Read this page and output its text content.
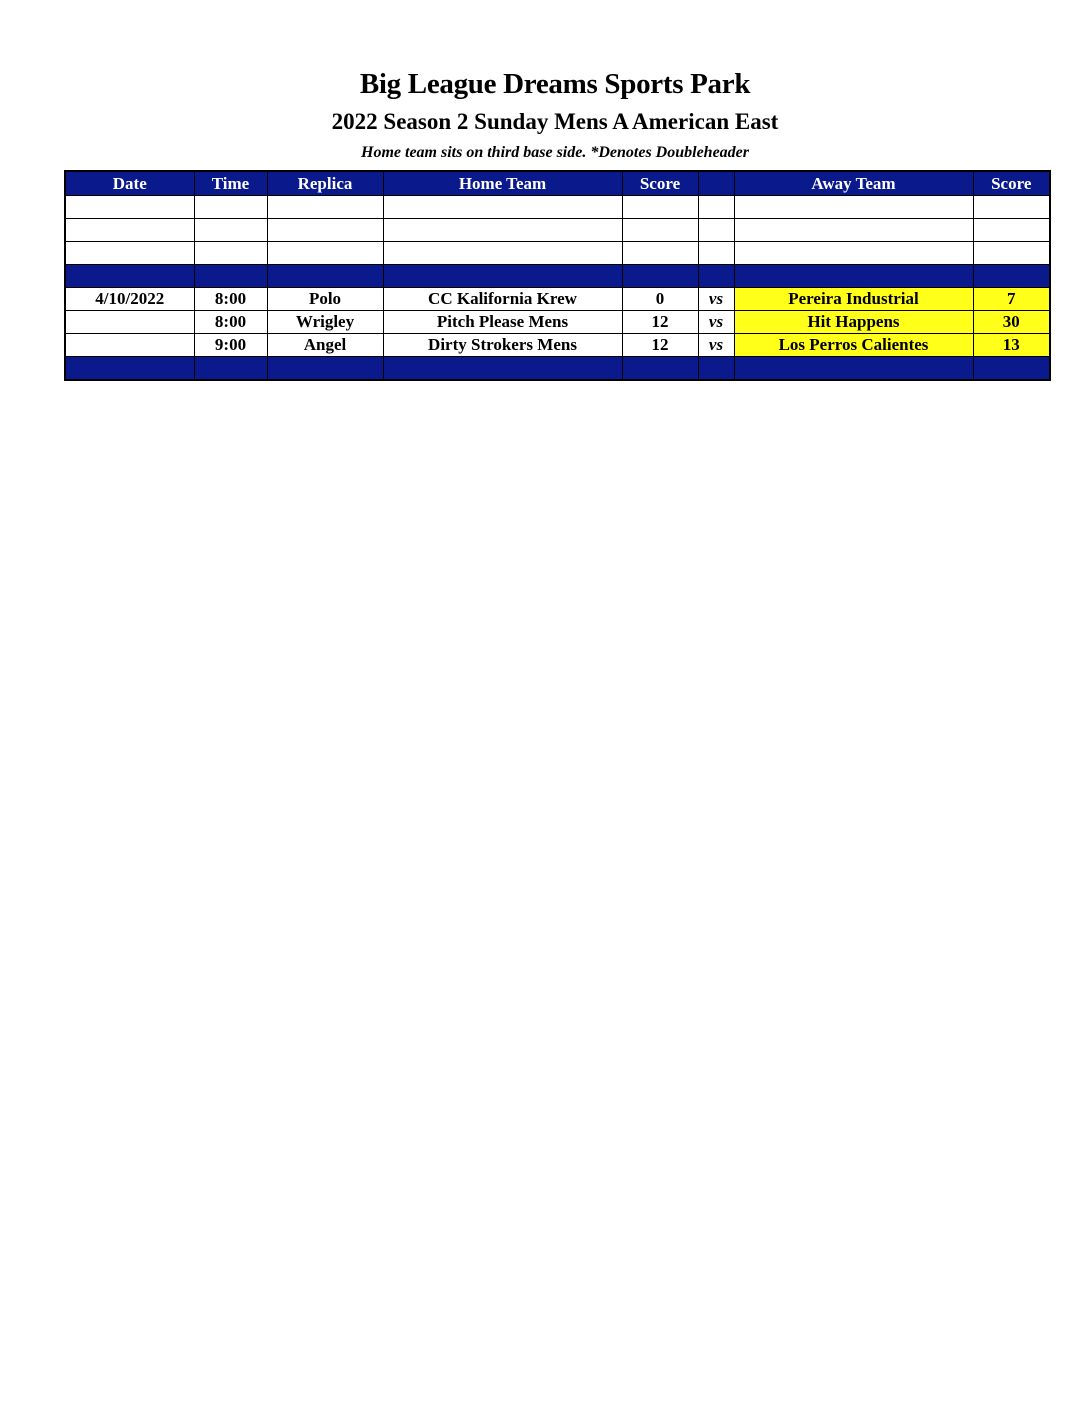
Big League Dreams Sports Park
2022 Season 2 Sunday Mens A American East
Home team sits on third base side. *Denotes Doubleheader
Date	Time	Replica	Home Team	Score		Away Team	Score

4/10/2022	8:00	Polo	CC Kalifornia Krew	0	vs	Pereira Industrial	7
	8:00	Wrigley	Pitch Please Mens	12	vs	Hit Happens	30
	9:00	Angel	Dirty Strokers Mens	12	vs	Los Perros Calientes	13
